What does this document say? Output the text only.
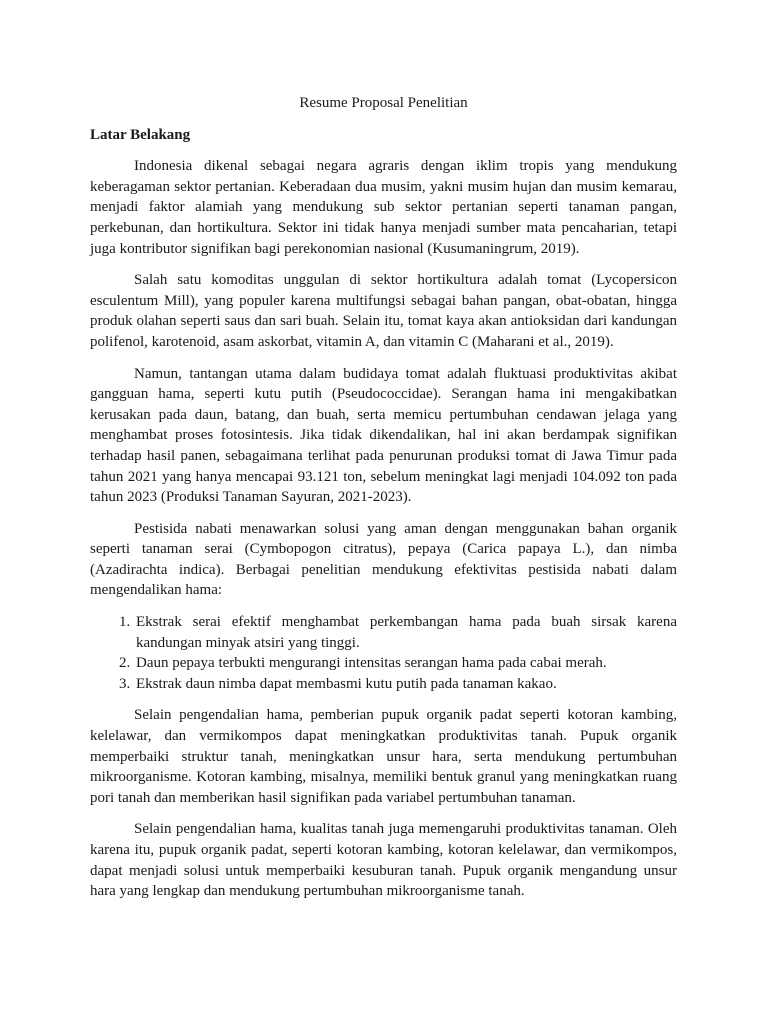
Resume Proposal Penelitian
Latar Belakang

Indonesia dikenal sebagai negara agraris dengan iklim tropis yang mendukung keberagaman sektor pertanian. Keberadaan dua musim, yakni musim hujan dan musim kemarau, menjadi faktor alamiah yang mendukung sub sektor pertanian seperti tanaman pangan, perkebunan, dan hortikultura. Sektor ini tidak hanya menjadi sumber mata pencaharian, tetapi juga kontributor signifikan bagi perekonomian nasional (Kusumaningrum, 2019).

Salah satu komoditas unggulan di sektor hortikultura adalah tomat (Lycopersicon esculentum Mill), yang populer karena multifungsi sebagai bahan pangan, obat-obatan, hingga produk olahan seperti saus dan sari buah. Selain itu, tomat kaya akan antioksidan dari kandungan polifenol, karotenoid, asam askorbat, vitamin A, dan vitamin C (Maharani et al., 2019).

Namun, tantangan utama dalam budidaya tomat adalah fluktuasi produktivitas akibat gangguan hama, seperti kutu putih (Pseudococcidae). Serangan hama ini mengakibatkan kerusakan pada daun, batang, dan buah, serta memicu pertumbuhan cendawan jelaga yang menghambat proses fotosintesis. Jika tidak dikendalikan, hal ini akan berdampak signifikan terhadap hasil panen, sebagaimana terlihat pada penurunan produksi tomat di Jawa Timur pada tahun 2021 yang hanya mencapai 93.121 ton, sebelum meningkat lagi menjadi 104.092 ton pada tahun 2023 (Produksi Tanaman Sayuran, 2021-2023).

Pestisida nabati menawarkan solusi yang aman dengan menggunakan bahan organik seperti tanaman serai (Cymbopogon citratus), pepaya (Carica papaya L.), dan nimba (Azadirachta indica). Berbagai penelitian mendukung efektivitas pestisida nabati dalam mengendalikan hama:

1. Ekstrak serai efektif menghambat perkembangan hama pada buah sirsak karena kandungan minyak atsiri yang tinggi.
2. Daun pepaya terbukti mengurangi intensitas serangan hama pada cabai merah.
3. Ekstrak daun nimba dapat membasmi kutu putih pada tanaman kakao.

Selain pengendalian hama, pemberian pupuk organik padat seperti kotoran kambing, kelelawar, dan vermikompos dapat meningkatkan produktivitas tanah. Pupuk organik memperbaiki struktur tanah, meningkatkan unsur hara, serta mendukung pertumbuhan mikroorganisme. Kotoran kambing, misalnya, memiliki bentuk granul yang meningkatkan ruang pori tanah dan memberikan hasil signifikan pada variabel pertumbuhan tanaman.

Selain pengendalian hama, kualitas tanah juga memengaruhi produktivitas tanaman. Oleh karena itu, pupuk organik padat, seperti kotoran kambing, kotoran kelelawar, dan vermikompos, dapat menjadi solusi untuk memperbaiki kesuburan tanah. Pupuk organik mengandung unsur hara yang lengkap dan mendukung pertumbuhan mikroorganisme tanah.
